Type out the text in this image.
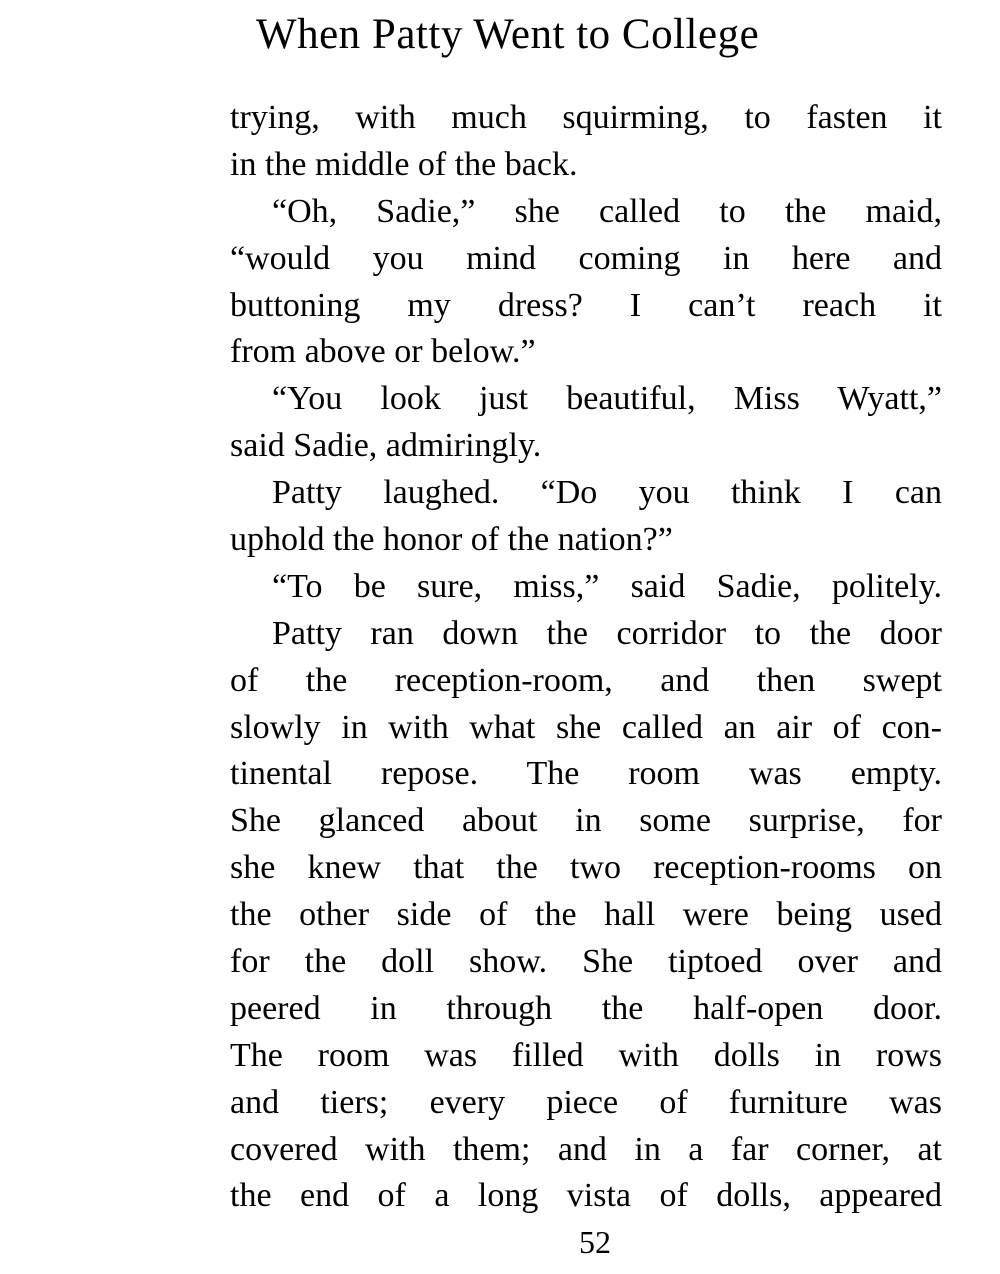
When Patty Went to College
trying, with much squirming, to fasten it
in the middle of the back.
“Oh, Sadie,” she called to the maid,
“would you mind coming in here and
buttoning my dress? I can’t reach it
from above or below.”
“You look just beautiful, Miss Wyatt,”
said Sadie, admiringly.
Patty laughed. “Do you think I can
uphold the honor of the nation?”
“To be sure, miss,” said Sadie, politely.
Patty ran down the corridor to the door
of the reception-room, and then swept
slowly in with what she called an air of con-
tinental repose. The room was empty.
She glanced about in some surprise, for
she knew that the two reception-rooms on
the other side of the hall were being used
for the doll show. She tiptoed over and
peered in through the half-open door.
The room was filled with dolls in rows
and tiers; every piece of furniture was
covered with them; and in a far corner, at
the end of a long vista of dolls, appeared
52
